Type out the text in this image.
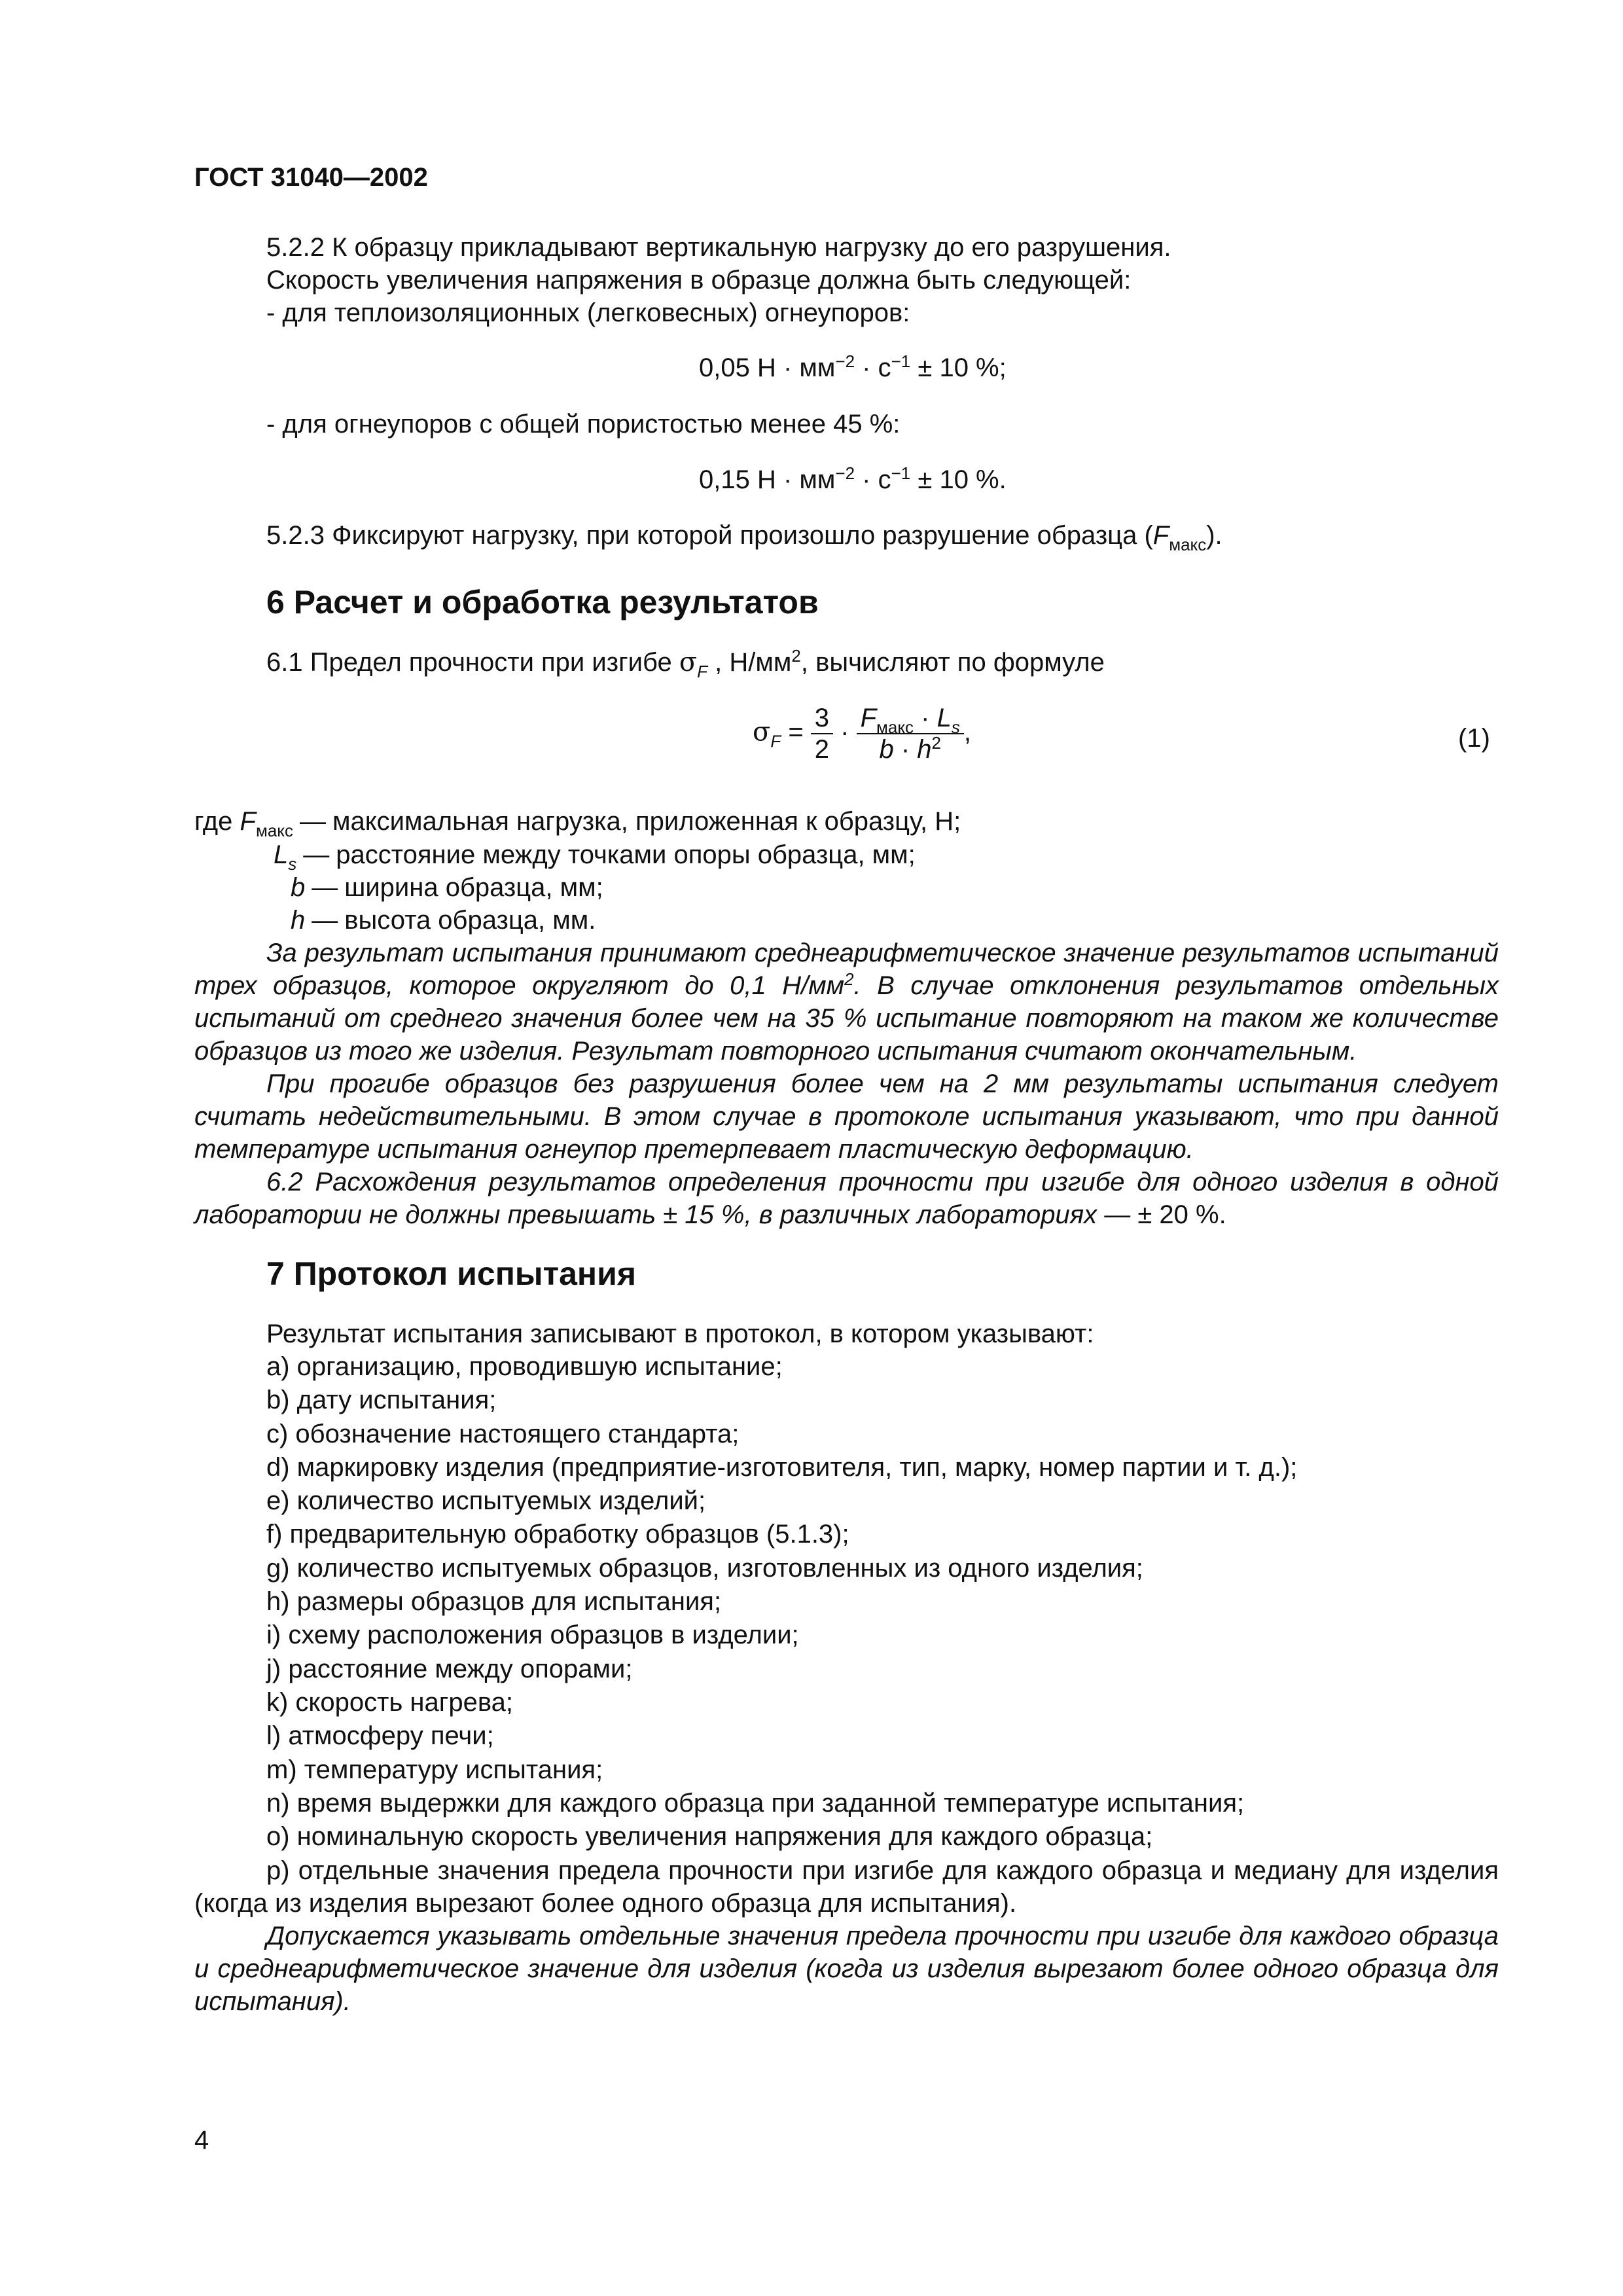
ГОСТ 31040—2002
5.2.2 К образцу прикладывают вертикальную нагрузку до его разрушения.
Скорость увеличения напряжения в образце должна быть следующей:
- для теплоизоляционных (легковесных) огнеупоров:
0,05 $Н \cdot мм^{-2} \cdot с^{-1} \pm 10$ %;
- для огнеупоров с общей пористостью менее 45 %:
0,15 $Н \cdot мм^{-2} \cdot с^{-1} \pm 10$ %.
5.2.3 Фиксируют нагрузку, при которой произошло разрушение образца $(F_{макс})$.
6 Расчет и обработка результатов
6.1 Предел прочности при изгибе $\sigma_F$ , $Н/мм^2$, вычисляют по формуле
$\sigma_F = \frac{3}{2} \cdot \frac{F_{макс} \cdot L_s}{b \cdot h^2}$ ,	(1)
где $F_{макс}$ — максимальная нагрузка, приложенная к образцу, Н;
$L_s$ — расстояние между точками опоры образца, мм;
b — ширина образца, мм;
h — высота образца, мм.
За результат испытания принимают среднеарифметическое значение результатов испытаний трех образцов, которое округляют до 0,1 $Н/мм^2$. В случае отклонения результатов отдельных испытаний от среднего значения более чем на 35 % испытание повторяют на таком же количестве образцов из того же изделия. Результат повторного испытания считают окончательным.
При прогибе образцов без разрушения более чем на 2 мм результаты испытания следует считать недействительными. В этом случае в протоколе испытания указывают, что при данной температуре испытания огнеупор претерпевает пластическую деформацию.
6.2 Расхождения результатов определения прочности при изгибе для одного изделия в одной лаборатории не должны превышать ± 15 %, в различных лабораториях — ± 20 %.
7 Протокол испытания
Результат испытания записывают в протокол, в котором указывают:
a) организацию, проводившую испытание;
b) дату испытания;
c) обозначение настоящего стандарта;
d) маркировку изделия (предприятие-изготовителя, тип, марку, номер партии и т. д.);
e) количество испытуемых изделий;
f) предварительную обработку образцов (5.1.3);
g) количество испытуемых образцов, изготовленных из одного изделия;
h) размеры образцов для испытания;
i) схему расположения образцов в изделии;
j) расстояние между опорами;
k) скорость нагрева;
l) атмосферу печи;
m) температуру испытания;
n) время выдержки для каждого образца при заданной температуре испытания;
o) номинальную скорость увеличения напряжения для каждого образца;
p) отдельные значения предела прочности при изгибе для каждого образца и медиану для изделия (когда из изделия вырезают более одного образца для испытания).
Допускается указывать отдельные значения предела прочности при изгибе для каждого образца и среднеарифметическое значение для изделия (когда из изделия вырезают более одного образца для испытания).
4
